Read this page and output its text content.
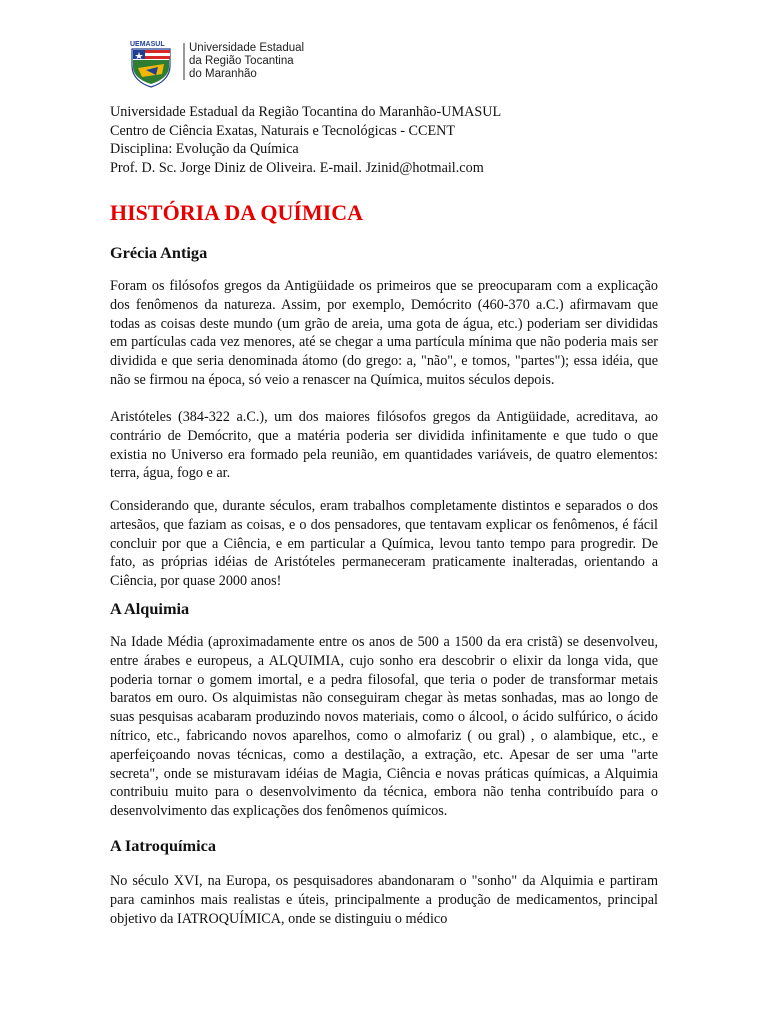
UEMASUL Universidade Estadual
da Região Tocantina
do Maranhão
Universidade Estadual da Região Tocantina do Maranhão-UMASUL
Centro de Ciência Exatas, Naturais e Tecnológicas - CCENT
Disciplina: Evolução da Química
Prof. D. Sc. Jorge Diniz de Oliveira. E-mail. Jzinid@hotmail.com
HISTÓRIA DA QUÍMICA
Grécia Antiga

Foram os filósofos gregos da Antigüidade os primeiros que se preocuparam com a explicação dos fenômenos da natureza. Assim, por exemplo, Demócrito (460-370 a.C.) afirmavam que todas as coisas deste mundo (um grão de areia, uma gota de água, etc.) poderiam ser divididas em partículas cada vez menores, até se chegar a uma partícula mínima que não poderia mais ser dividida e que seria denominada átomo (do grego: a, "não", e tomos, "partes"); essa idéia, que não se firmou na época, só veio a renascer na Química, muitos séculos depois.

Aristóteles (384-322 a.C.), um dos maiores filósofos gregos da Antigüidade, acreditava, ao contrário de Demócrito, que a matéria poderia ser dividida infinitamente e que tudo o que existia no Universo era formado pela reunião, em quantidades variáveis, de quatro elementos: terra, água, fogo e ar.

Considerando que, durante séculos, eram trabalhos completamente distintos e separados o dos artesãos, que faziam as coisas, e o dos pensadores, que tentavam explicar os fenômenos, é fácil concluir por que a Ciência, e em particular a Química, levou tanto tempo para progredir. De fato, as próprias idéias de Aristóteles permaneceram praticamente inalteradas, orientando a Ciência, por quase 2000 anos!

A Alquimia

Na Idade Média (aproximadamente entre os anos de 500 a 1500 da era cristã) se desenvolveu, entre árabes e europeus, a ALQUIMIA, cujo sonho era descobrir o elixir da longa vida, que poderia tornar o gomem imortal, e a pedra filosofal, que teria o poder de transformar metais baratos em ouro. Os alquimistas não conseguiram chegar às metas sonhadas, mas ao longo de suas pesquisas acabaram produzindo novos materiais, como o álcool, o ácido sulfúrico, o ácido nítrico, etc., fabricando novos aparelhos, como o almofariz ( ou gral) , o alambique, etc., e aperfeiçoando novas técnicas, como a destilação, a extração, etc. Apesar de ser uma "arte secreta", onde se misturavam idéias de Magia, Ciência e novas práticas químicas, a Alquimia contribuiu muito para o desenvolvimento da técnica, embora não tenha contribuído para o desenvolvimento das explicações dos fenômenos químicos.

A Iatroquímica

No século XVI, na Europa, os pesquisadores abandonaram o "sonho" da Alquimia e partiram para caminhos mais realistas e úteis, principalmente a produção de medicamentos, principal objetivo da IATROQUÍMICA, onde se distinguiu o médico
